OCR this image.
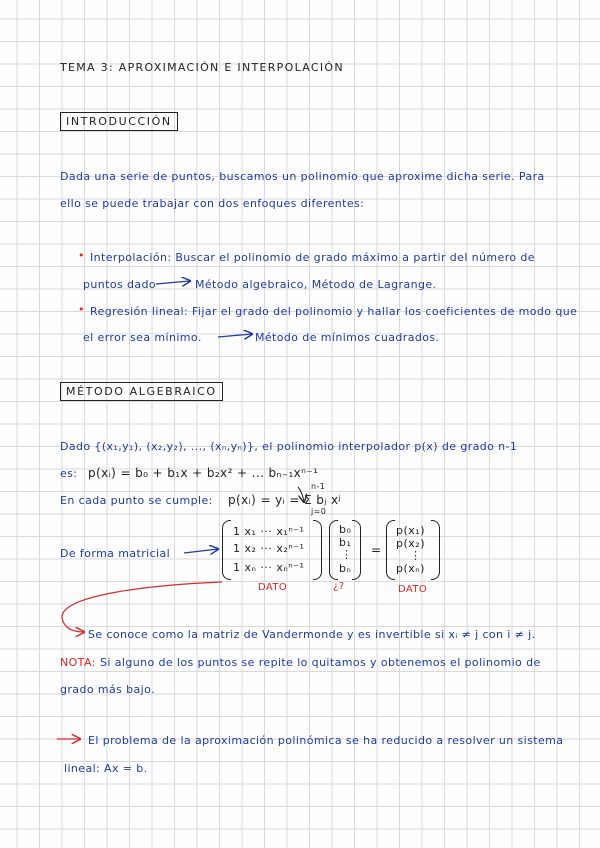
TEMA 3: APROXIMACIÓN E INTERPOLACIÓN
INTRODUCCIÓN
Dada una serie de puntos, buscamos un polinomio que aproxime dicha serie. Para
ello se puede trabajar con dos enfoques diferentes:
• Interpolación: Buscar el polinomio de grado máximo a partir del número de
puntos dado	Método algebraico, Método de Lagrange.
• Regresión lineal: Fijar el grado del polinomio y hallar los coeficientes de modo que
el error sea mínimo.	Método de mínimos cuadrados.
MÉTODO ALGEBRAICO
Dado {(x₁,y₁), (x₂,y₂), ..., (xₙ,yₙ)}, el polinomio interpolador p(x) de grado n-1
es: p(xᵢ) = b₀ + b₁x + b₂x² + ... bₙ₋₁xⁿ⁻¹
En cada punto se cumple: p(xᵢ) = yᵢ = Σ bⱼ xʲ
n-1
j=0
De forma matricial
1 x₁ ··· x₁ⁿ⁻¹
1 x₂ ··· x₂ⁿ⁻¹
1 xₙ ··· xₙⁿ⁻¹
b₀
b₁
⋮
bₙ
=
p(x₁)
p(x₂)
⋮
p(xₙ)
DATO	¿?	DATO
Se conoce como la matriz de Vandermonde y es invertible si xᵢ ≠ j con i ≠ j.
NOTA: Si alguno de los puntos se repite lo quitamos y obtenemos el polinomio de
grado más bajo.
El problema de la aproximación polinómica se ha reducido a resolver un sistema
lineal: Ax = b.
